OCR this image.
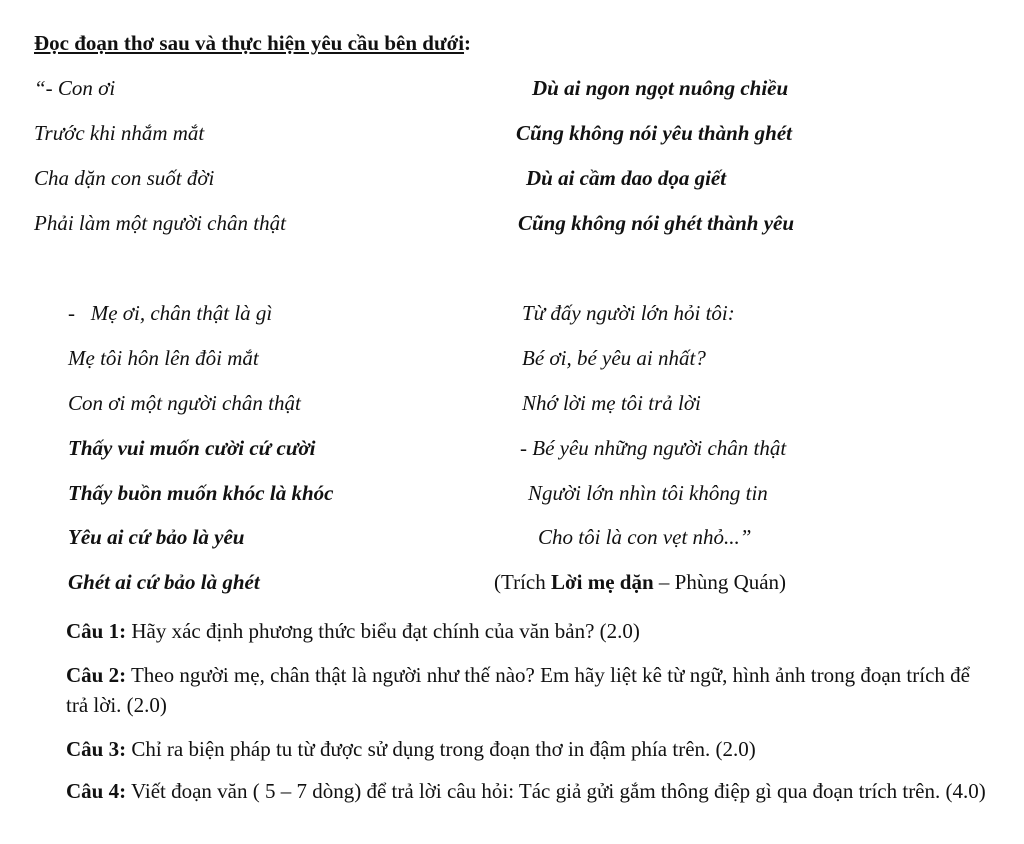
Đọc đoạn thơ sau và thực hiện yêu cầu bên dưới:
“- Con ơi
Trước khi nhắm mắt
Cha dặn con suốt đời
Phải làm một người chân thật
Dù ai ngon ngọt nuông chiều
Cũng không nói yêu thành ghét
Dù ai cầm dao dọa giết
Cũng không nói ghét thành yêu
-   Mẹ ơi, chân thật là gì
Mẹ tôi hôn lên đôi mắt
Con ơi một người chân thật
Thấy vui muốn cười cứ cười
Thấy buồn muốn khóc là khóc
Yêu ai cứ bảo là yêu
Ghét ai cứ bảo là ghét
Từ đấy người lớn hỏi tôi:
Bé ơi, bé yêu ai nhất?
Nhớ lời mẹ tôi trả lời
- Bé yêu những người chân thật
Người lớn nhìn tôi không tin
Cho tôi là con vẹt nhỏ...”
(Trích Lời mẹ dặn – Phùng Quán)
Câu 1: Hãy xác định phương thức biểu đạt chính của văn bản? (2.0)
Câu 2: Theo người mẹ, chân thật là người như thế nào? Em hãy liệt kê từ ngữ, hình ảnh trong đoạn trích để trả lời. (2.0)
Câu 3: Chỉ ra biện pháp tu từ được sử dụng trong đoạn thơ in đậm phía trên. (2.0)
Câu 4: Viết đoạn văn ( 5 – 7 dòng) để trả lời câu hỏi: Tác giả gửi gắm thông điệp gì qua đoạn trích trên. (4.0)
